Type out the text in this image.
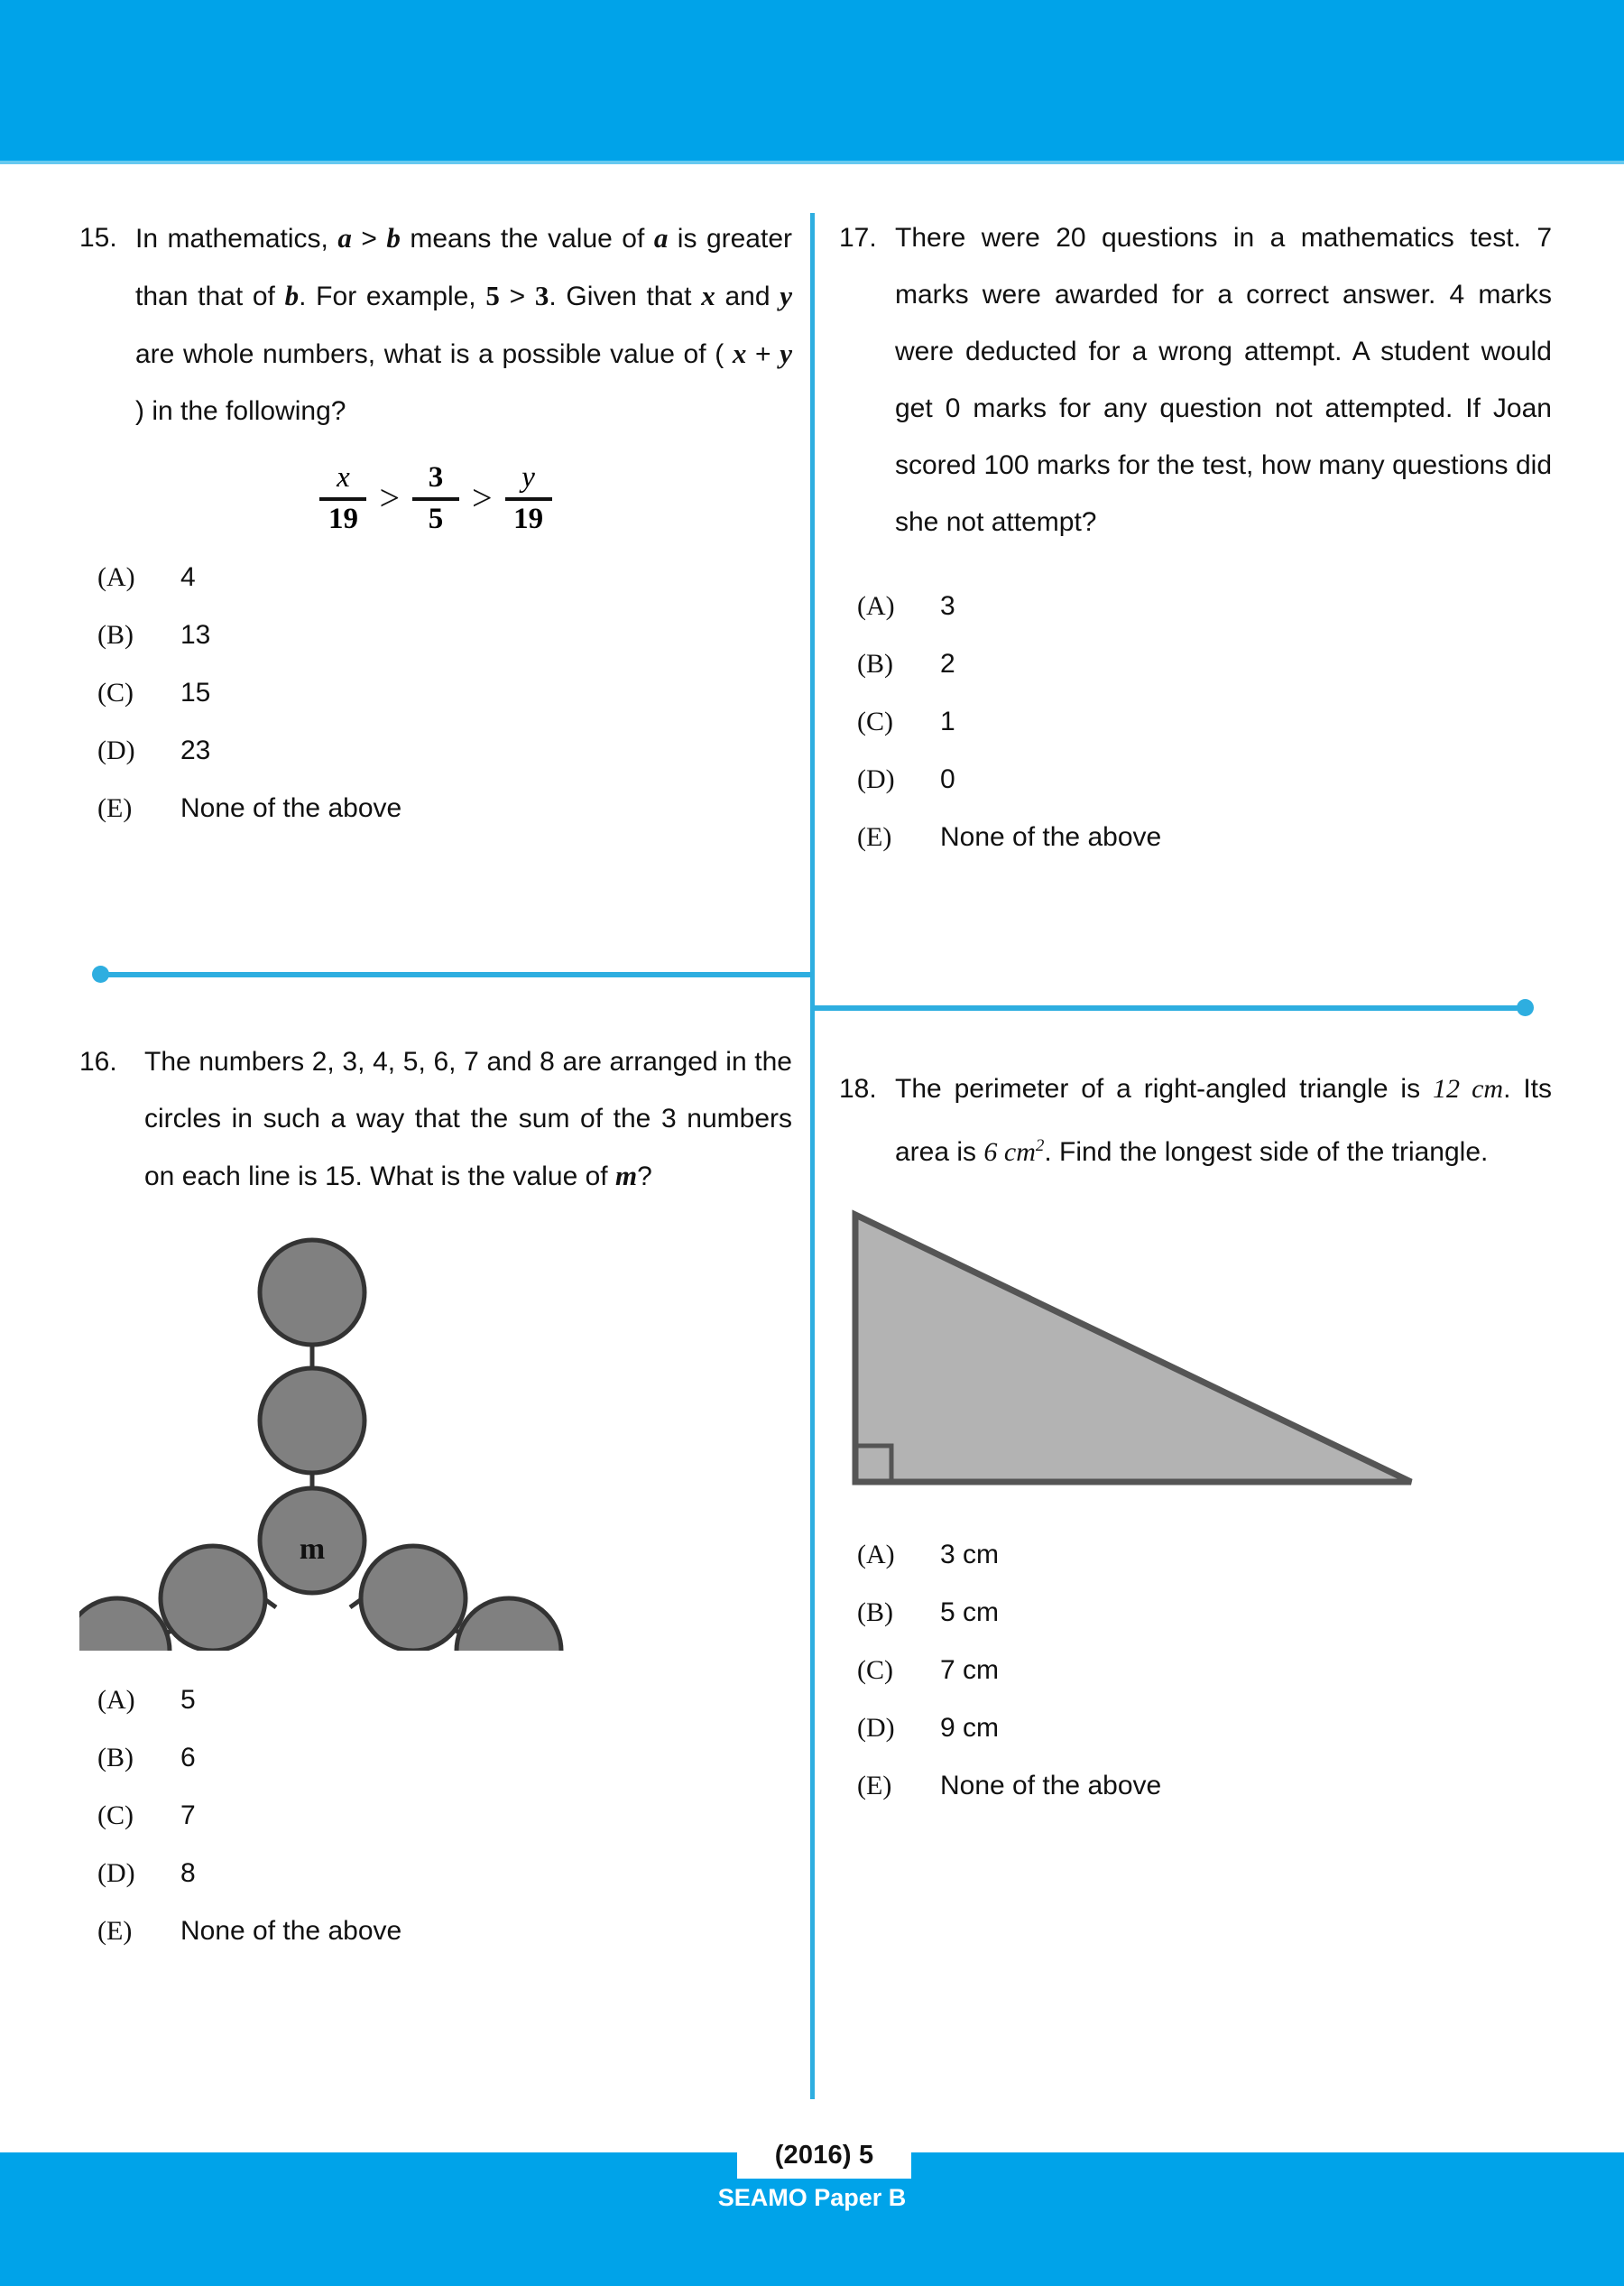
15. In mathematics, a > b means the value of a is greater than that of b. For example, 5 > 3. Given that x and y are whole numbers, what is a possible value of ( x + y ) in the following?
$\frac{x}{19} > \frac{3}{5} > \frac{y}{19}$
(A)	4
(B)	13
(C)	15
(D)	23
(E)	None of the above
16.	The numbers 2, 3, 4, 5, 6, 7 and 8 are arranged in the circles in such a way that the sum of the 3 numbers on each line is 15. What is the value of m?
m
(A)	5
(B)	6
(C)	7
(D)	8
(E)	None of the above
17. There were 20 questions in a mathematics test. 7 marks were awarded for a correct answer. 4 marks were deducted for a wrong attempt. A student would get 0 marks for any question not attempted. If Joan scored 100 marks for the test, how many questions did she not attempt?
(A)	3
(B)	2
(C)	1
(D)	0
(E)	None of the above
18. The perimeter of a right-angled triangle is 12 cm. Its area is 6 $cm^2$. Find the longest side of the triangle.
(A)	3 cm
(B)	5 cm
(C)	7 cm
(D)	9 cm
(E)	None of the above
(2016) 5
SEAMO Paper B
